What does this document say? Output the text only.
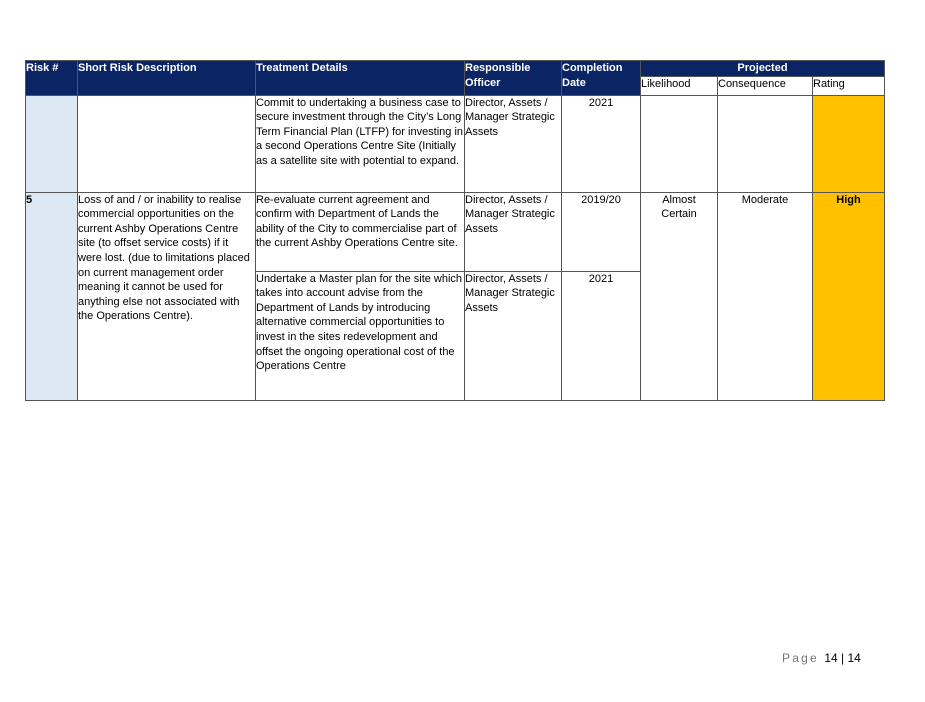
Risk #	Short Risk Description	Treatment Details	Responsible Officer	Completion Date	Projected		
					Likelihood	Consequence	Rating
		Commit to undertaking a business case to secure investment through the City’s Long Term Financial Plan (LTFP) for investing in a second Operations Centre Site (Initially as a satellite site with potential to expand.	Director, Assets / Manager Strategic Assets	2021			
5	Loss of and / or inability to realise commercial opportunities on the current Ashby Operations Centre site (to offset service costs) if it were lost. (due to limitations placed on current management order meaning it cannot be used for anything else not associated with the Operations Centre).	Re-evaluate current agreement and confirm with Department of Lands the ability of the City to commercialise part of the current Ashby Operations Centre site.	Director, Assets / Manager Strategic Assets	2019/20	Almost Certain	Moderate	High
		Undertake a Master plan for the site which takes into account advise from the Department of Lands by introducing alternative commercial opportunities to invest in the sites redevelopment and offset the ongoing operational cost of the Operations Centre	Director, Assets / Manager Strategic Assets	2021			
Page 14 | 14
